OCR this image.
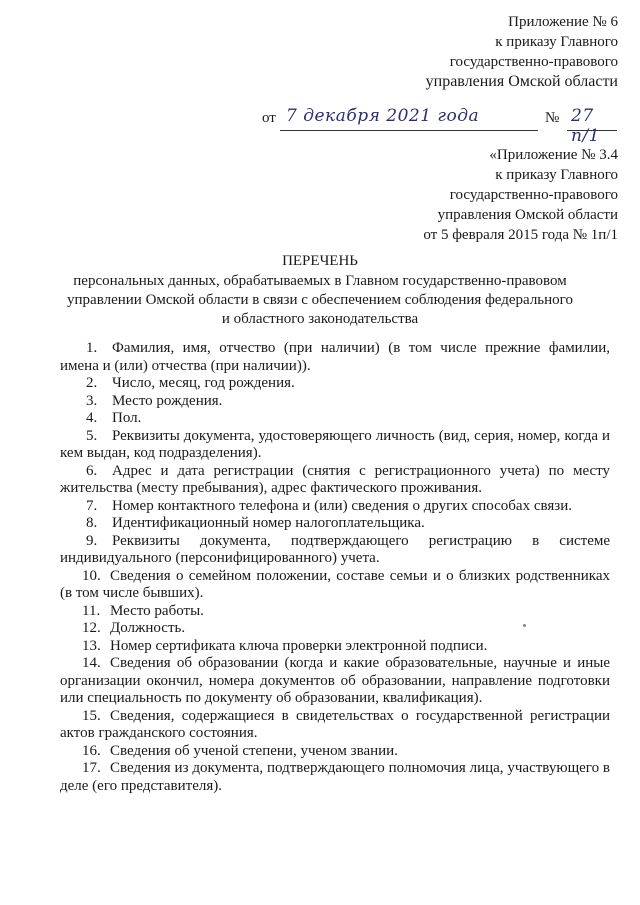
Приложение № 6
к приказу Главного
государственно-правового
управления Омской области
от 7 декабря 2021 года	№ 27 п/1
«Приложение № 3.4
к приказу Главного
государственно-правового
управления Омской области
от 5 февраля 2015 года № 1п/1
ПЕРЕЧЕНЬ
персональных данных, обрабатываемых в Главном государственно-правовом
управлении Омской области в связи с обеспечением соблюдения федерального
и областного законодательства
1. Фамилия, имя, отчество (при наличии) (в том числе прежние фамилии, имена и (или) отчества (при наличии)).
2. Число, месяц, год рождения.
3. Место рождения.
4. Пол.
5. Реквизиты документа, удостоверяющего личность (вид, серия, номер, когда и кем выдан, код подразделения).
6. Адрес и дата регистрации (снятия с регистрационного учета) по месту жительства (месту пребывания), адрес фактического проживания.
7. Номер контактного телефона и (или) сведения о других способах связи.
8. Идентификационный номер налогоплательщика.
9. Реквизиты документа, подтверждающего регистрацию в системе индивидуального (персонифицированного) учета.
10. Сведения о семейном положении, составе семьи и о близких родственниках (в том числе бывших).
11. Место работы.
12. Должность.
13. Номер сертификата ключа проверки электронной подписи.
14. Сведения об образовании (когда и какие образовательные, научные и иные организации окончил, номера документов об образовании, направление подготовки или специальность по документу об образовании, квалификация).
15. Сведения, содержащиеся в свидетельствах о государственной регистрации актов гражданского состояния.
16. Сведения об ученой степени, ученом звании.
17. Сведения из документа, подтверждающего полномочия лица, участвующего в деле (его представителя).
